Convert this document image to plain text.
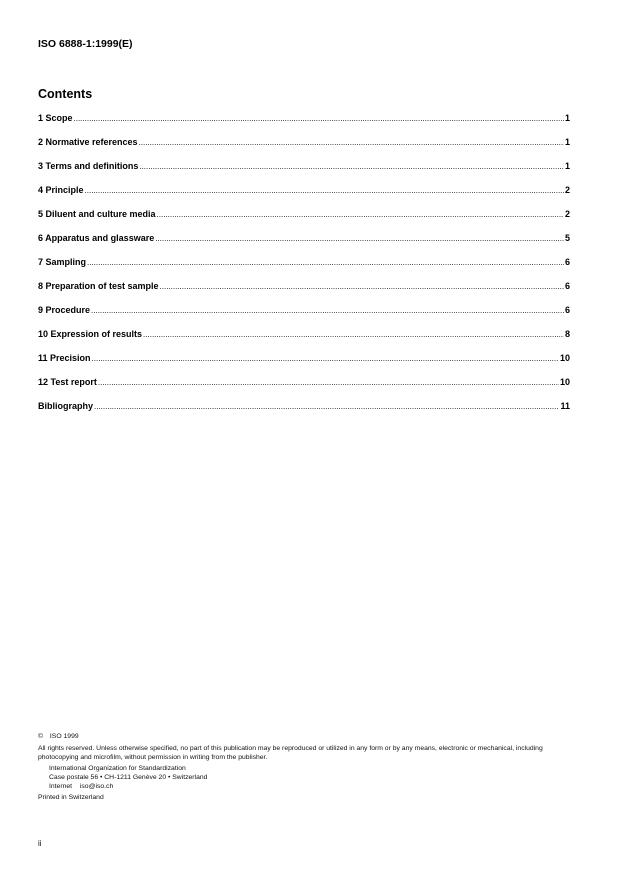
ISO 6888-1:1999(E)
Contents
1 Scope .....	1
2 Normative references .....	1
3 Terms and definitions .....	1
4 Principle .....	2
5 Diluent and culture media .....	2
6 Apparatus and glassware .....	5
7 Sampling .....	6
8 Preparation of test sample .....	6
9 Procedure .....	6
10 Expression of results .....	8
11 Precision .....	10
12 Test report .....	10
Bibliography .....	11
© ISO 1999
All rights reserved. Unless otherwise specified, no part of this publication may be reproduced or utilized in any form or by any means, electronic or mechanical, including photocopying and microfilm, without permission in writing from the publisher.
International Organization for Standardization
Case postale 56 • CH-1211 Genève 20 • Switzerland
Internet iso@iso.ch
Printed in Switzerland
ii
